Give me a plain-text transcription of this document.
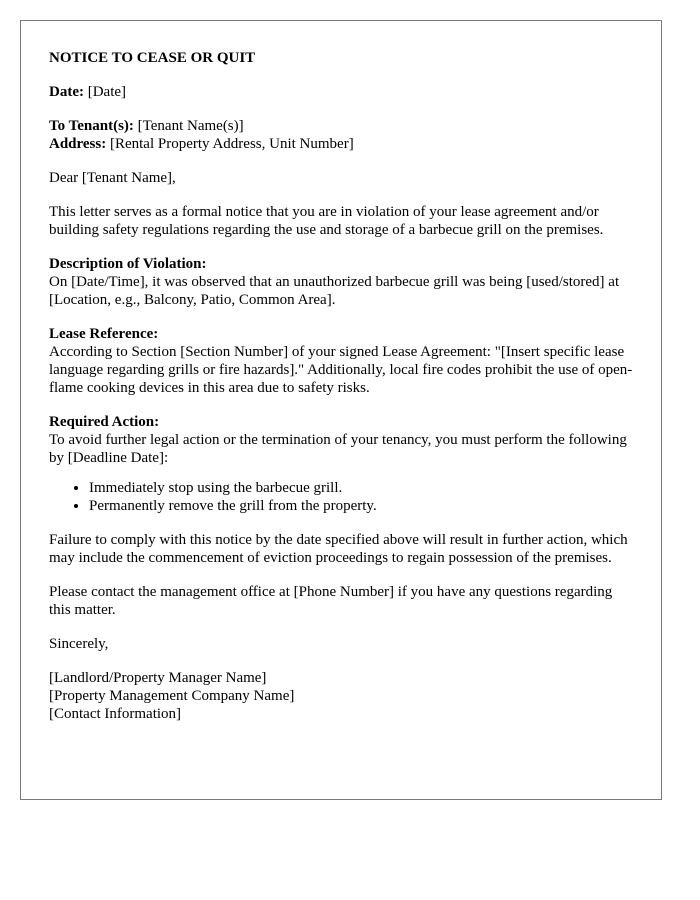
NOTICE TO CEASE OR QUIT

Date: [Date]

To Tenant(s): [Tenant Name(s)]
Address: [Rental Property Address, Unit Number]

Dear [Tenant Name],

This letter serves as a formal notice that you are in violation of your lease agreement and/or building safety regulations regarding the use and storage of a barbecue grill on the premises.

Description of Violation:
On [Date/Time], it was observed that an unauthorized barbecue grill was being [used/stored] at [Location, e.g., Balcony, Patio, Common Area].

Lease Reference:
According to Section [Section Number] of your signed Lease Agreement: "[Insert specific lease language regarding grills or fire hazards]." Additionally, local fire codes prohibit the use of open-flame cooking devices in this area due to safety risks.

Required Action:
To avoid further legal action or the termination of your tenancy, you must perform the following by [Deadline Date]:

• Immediately stop using the barbecue grill.
• Permanently remove the grill from the property.

Failure to comply with this notice by the date specified above will result in further action, which may include the commencement of eviction proceedings to regain possession of the premises.

Please contact the management office at [Phone Number] if you have any questions regarding this matter.

Sincerely,

[Landlord/Property Manager Name]

[Property Management Company Name]

[Contact Information]
